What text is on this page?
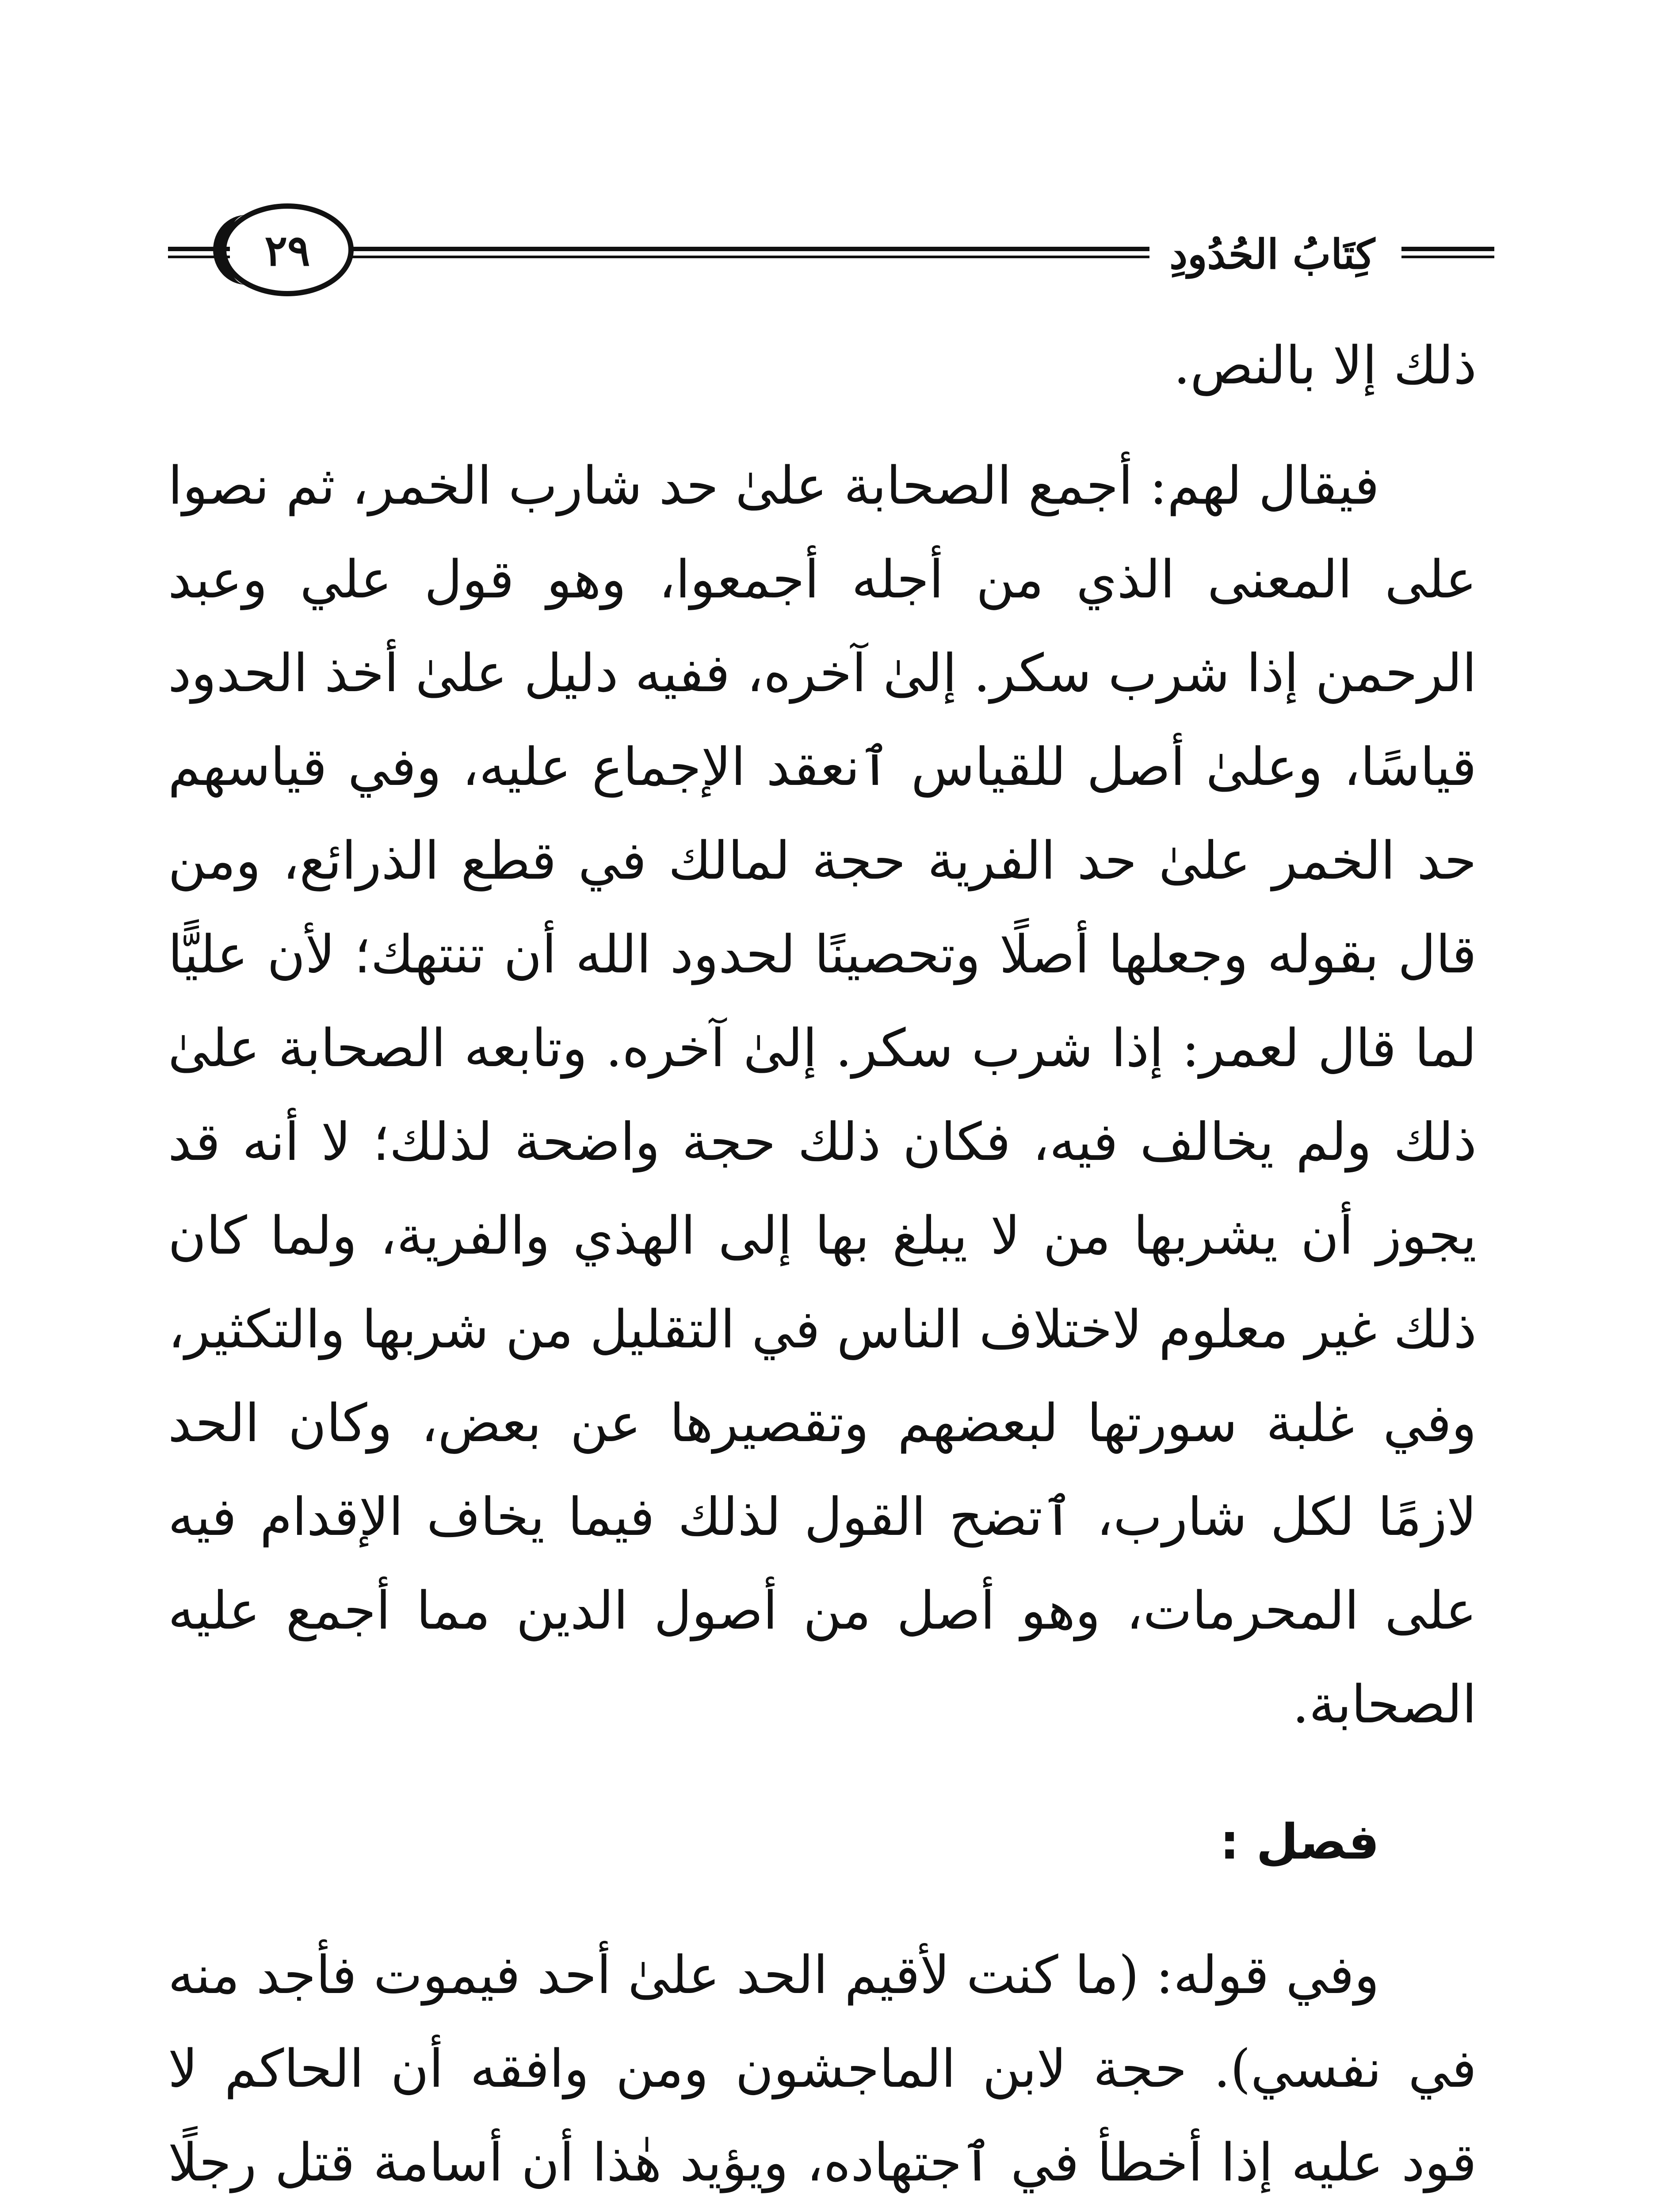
كِتَابُ الحُدُودِ
٢٩

ذلك إلا بالنص.

فيقال لهم: أجمع الصحابة علىٰ حد شارب الخمر، ثم نصوا على المعنى الذي من أجله أجمعوا، وهو قول علي وعبد الرحمن إذا شرب سكر. إلىٰ آخره، ففيه دليل علىٰ أخذ الحدود قياسًا، وعلىٰ أصل للقياس ٱنعقد الإجماع عليه، وفي قياسهم حد الخمر علىٰ حد الفرية حجة لمالك في قطع الذرائع، ومن قال بقوله وجعلها أصلًا وتحصينًا لحدود الله أن تنتهك؛ لأن عليًّا لما قال لعمر: إذا شرب سكر. إلىٰ آخره. وتابعه الصحابة علىٰ ذلك ولم يخالف فيه، فكان ذلك حجة واضحة لذلك؛ لا أنه قد يجوز أن يشربها من لا يبلغ بها إلى الهذي والفرية، ولما كان ذلك غير معلوم لاختلاف الناس في التقليل من شربها والتكثير، وفي غلبة سورتها لبعضهم وتقصيرها عن بعض، وكان الحد لازمًا لكل شارب، ٱتضح القول لذلك فيما يخاف الإقدام فيه على المحرمات، وهو أصل من أصول الدين مما أجمع عليه الصحابة.

فصل :

وفي قوله: (ما كنت لأقيم الحد علىٰ أحد فيموت فأجد منه في نفسي). حجة لابن الماجشون ومن وافقه أن الحاكم لا قود عليه إذا أخطأ في ٱجتهاده، ويؤيد هٰذا أن أسامة قتل رجلًا
